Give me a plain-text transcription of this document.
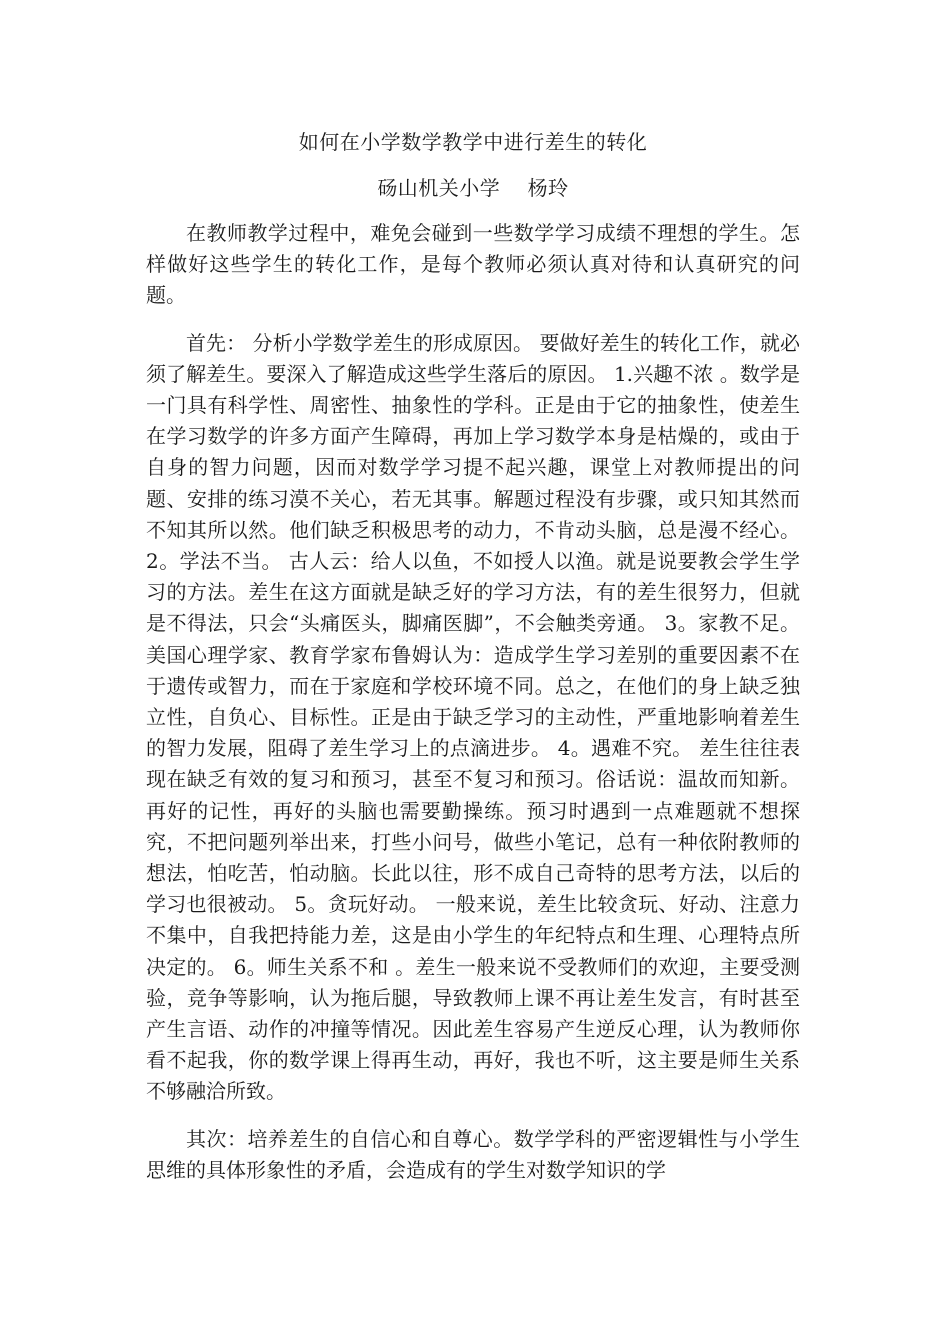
如何在小学数学教学中进行差生的转化
砀山机关小学　 杨玲

在教师教学过程中，难免会碰到一些数学学习成绩不理想的学生。怎样做好这些学生的转化工作，是每个教师必须认真对待和认真研究的问题。

首先： 分析小学数学差生的形成原因。 要做好差生的转化工作，就必须了解差生。要深入了解造成这些学生落后的原因。 1.兴趣不浓 。数学是一门具有科学性、周密性、抽象性的学科。正是由于它的抽象性，使差生在学习数学的许多方面产生障碍，再加上学习数学本身是枯燥的，或由于自身的智力问题，因而对数学学习提不起兴趣，课堂上对教师提出的问题、安排的练习漠不关心，若无其事。解题过程没有步骤，或只知其然而不知其所以然。他们缺乏积极思考的动力，不肯动头脑，总是漫不经心。 2。学法不当。 古人云：给人以鱼，不如授人以渔。就是说要教会学生学习的方法。差生在这方面就是缺乏好的学习方法，有的差生很努力，但就是不得法，只会“头痛医头，脚痛医脚”，不会触类旁通。 3。家教不足。 美国心理学家、教育学家布鲁姆认为：造成学生学习差别的重要因素不在于遗传或智力，而在于家庭和学校环境不同。总之，在他们的身上缺乏独立性，自负心、目标性。正是由于缺乏学习的主动性，严重地影响着差生的智力发展，阻碍了差生学习上的点滴进步。 4。遇难不究。 差生往往表现在缺乏有效的复习和预习，甚至不复习和预习。俗话说：温故而知新。再好的记性，再好的头脑也需要勤操练。预习时遇到一点难题就不想探究，不把问题列举出来，打些小问号，做些小笔记，总有一种依附教师的想法，怕吃苦，怕动脑。长此以往，形不成自己奇特的思考方法，以后的学习也很被动。 5。贪玩好动。 一般来说，差生比较贪玩、好动、注意力不集中，自我把持能力差，这是由小学生的年纪特点和生理、心理特点所决定的。 6。师生关系不和 。差生一般来说不受教师们的欢迎，主要受测验，竞争等影响，认为拖后腿，导致教师上课不再让差生发言，有时甚至产生言语、动作的冲撞等情况。因此差生容易产生逆反心理，认为教师你看不起我，你的数学课上得再生动，再好，我也不听，这主要是师生关系不够融洽所致。

其次：培养差生的自信心和自尊心。数学学科的严密逻辑性与小学生思维的具体形象性的矛盾，会造成有的学生对数学知识的学
